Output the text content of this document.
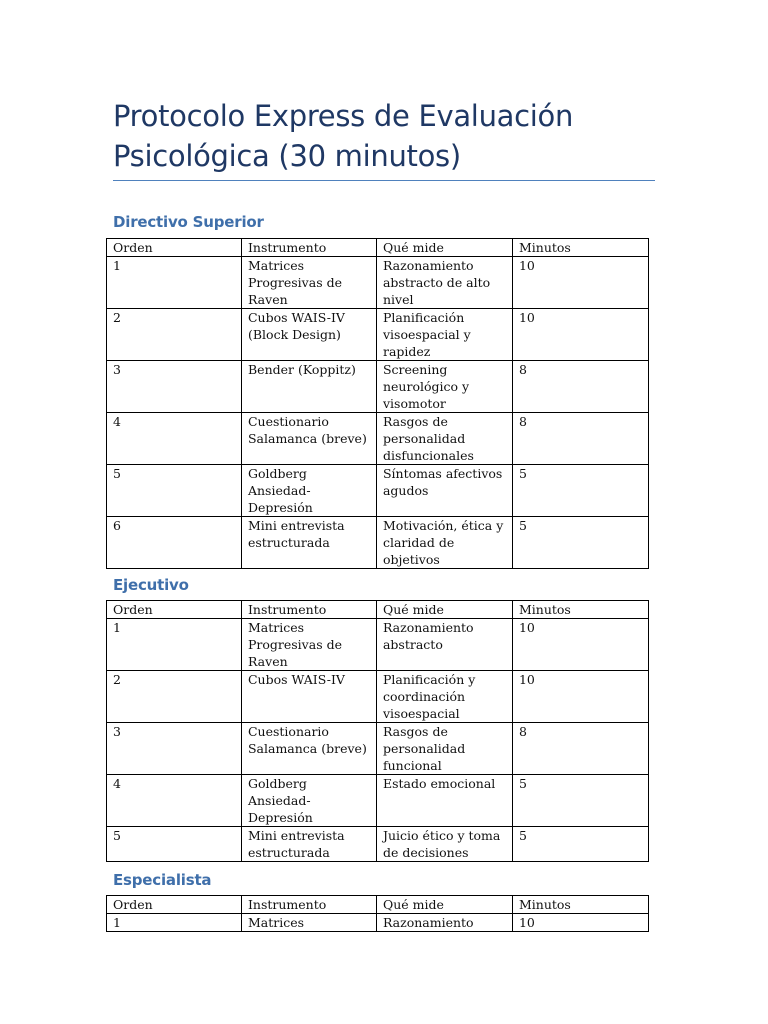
Protocolo Express de Evaluación Psicológica (30 minutos)
Directivo Superior
Orden	Instrumento	Qué mide	Minutos
1	Matrices Progresivas de Raven	Razonamiento abstracto de alto nivel	10
2	Cubos WAIS-IV (Block Design)	Planificación visoespacial y rapidez	10
3	Bender (Koppitz)	Screening neurológico y visomotor	8
4	Cuestionario Salamanca (breve)	Rasgos de personalidad disfuncionales	8
5	Goldberg Ansiedad-Depresión	Síntomas afectivos agudos	5
6	Mini entrevista estructurada	Motivación, ética y claridad de objetivos	5
Ejecutivo
Orden	Instrumento	Qué mide	Minutos
1	Matrices Progresivas de Raven	Razonamiento abstracto	10
2	Cubos WAIS-IV	Planificación y coordinación visoespacial	10
3	Cuestionario Salamanca (breve)	Rasgos de personalidad funcional	8
4	Goldberg Ansiedad-Depresión	Estado emocional	5
5	Mini entrevista estructurada	Juicio ético y toma de decisiones	5
Especialista
Orden	Instrumento	Qué mide	Minutos
1	Matrices	Razonamiento	10
